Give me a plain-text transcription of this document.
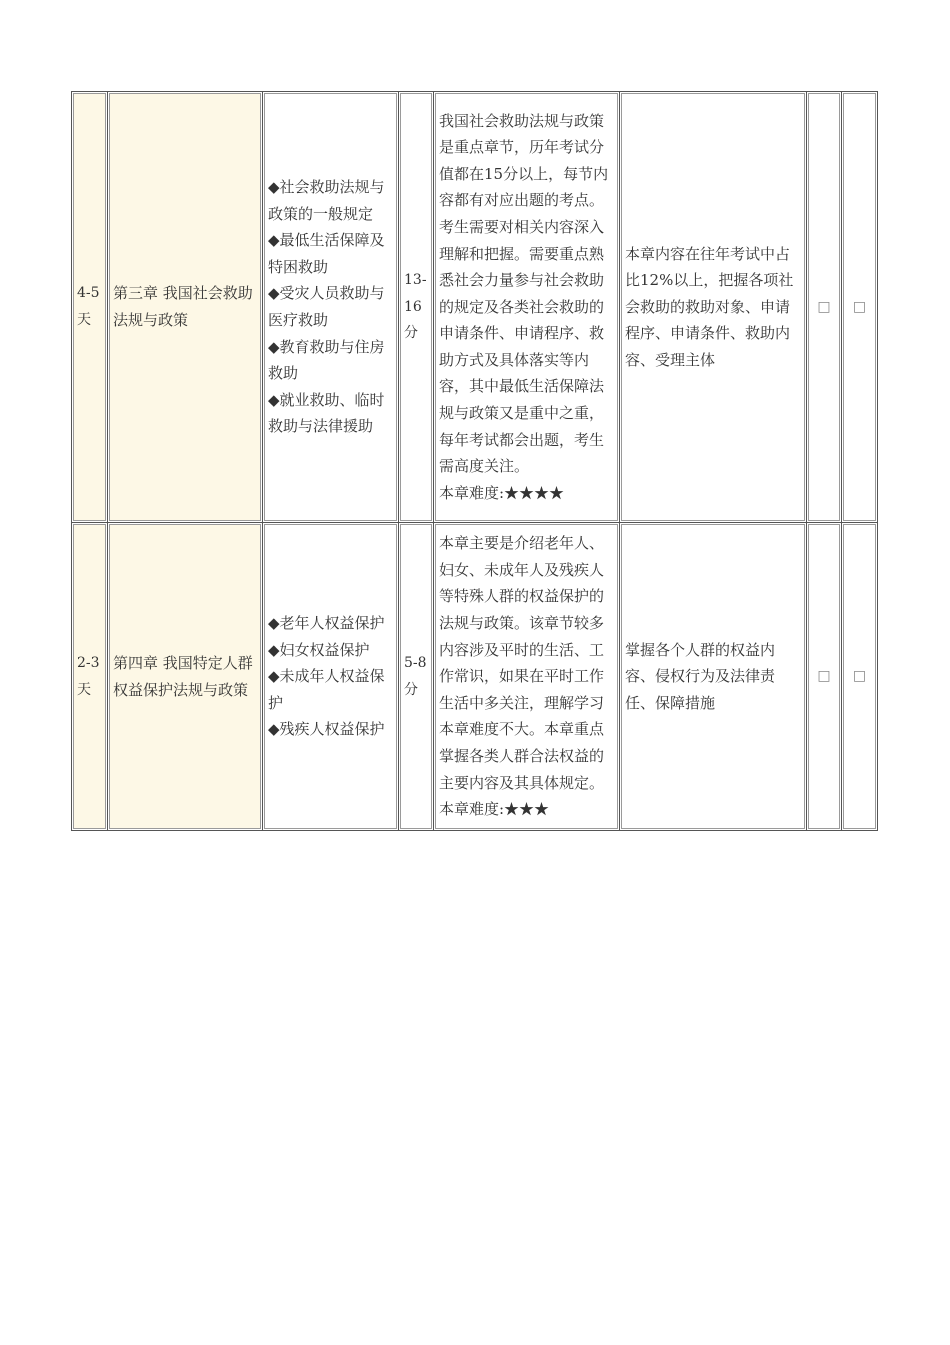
4-5天	第三章 我国社会救助法规与政策	◆社会救助法规与政策的一般规定
◆最低生活保障及特困救助
◆受灾人员救助与医疗救助
◆教育救助与住房救助
◆就业救助、临时救助与法律援助	13-16分	我国社会救助法规与政策是重点章节，历年考试分值都在15分以上，每节内容都有对应出题的考点。考生需要对相关内容深入理解和把握。需要重点熟悉社会力量参与社会救助的规定及各类社会救助的申请条件、申请程序、救助方式及具体落实等内容，其中最低生活保障法规与政策又是重中之重，每年考试都会出题，考生需高度关注。
本章难度:★★★★	本章内容在往年考试中占比12%以上，把握各项社会救助的救助对象、申请程序、申请条件、救助内容、受理主体	□	□
2-3天	第四章 我国特定人群权益保护法规与政策	◆老年人权益保护
◆妇女权益保护
◆未成年人权益保护
◆残疾人权益保护	5-8分	本章主要是介绍老年人、妇女、未成年人及残疾人等特殊人群的权益保护的法规与政策。该章节较多内容涉及平时的生活、工作常识，如果在平时工作生活中多关注，理解学习本章难度不大。本章重点掌握各类人群合法权益的主要内容及其具体规定。
本章难度:★★★	掌握各个人群的权益内容、侵权行为及法律责任、保障措施	□	□
